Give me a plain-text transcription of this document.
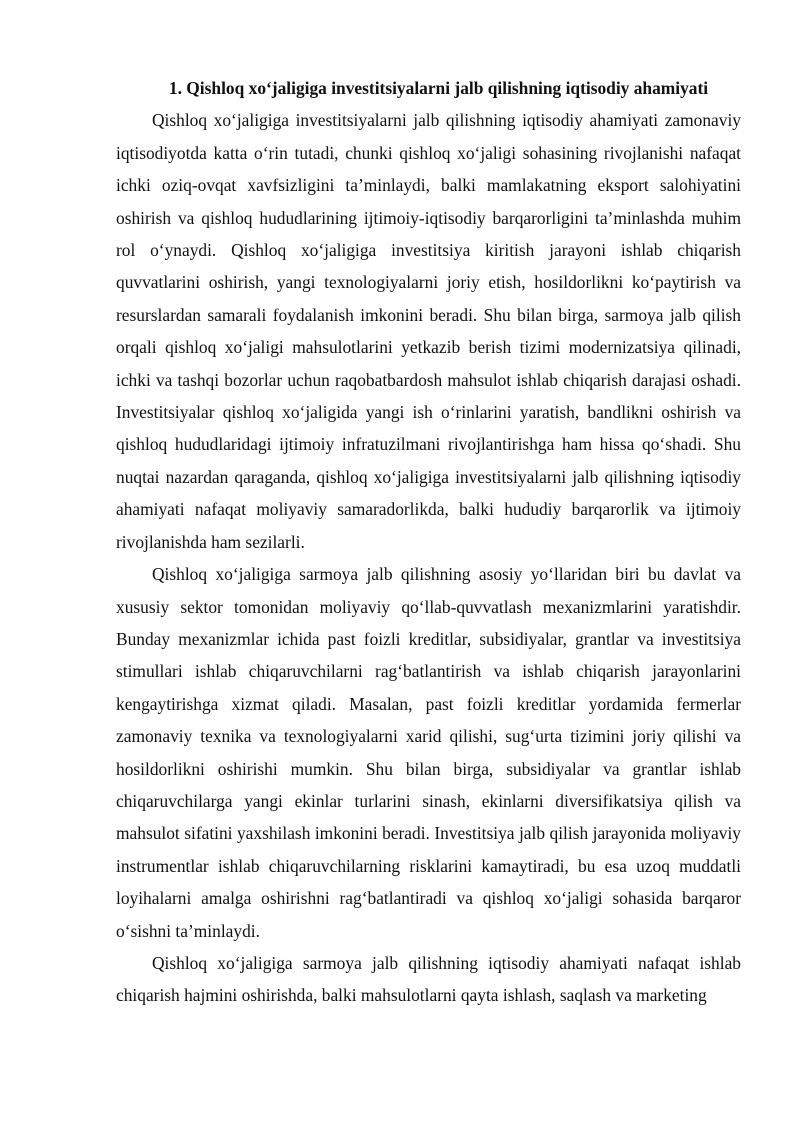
1. Qishloq xo‘jaligiga investitsiyalarni jalb qilishning iqtisodiy ahamiyati

Qishloq xo‘jaligiga investitsiyalarni jalb qilishning iqtisodiy ahamiyati zamonaviy iqtisodiyotda katta o‘rin tutadi, chunki qishloq xo‘jaligi sohasining rivojlanishi nafaqat ichki oziq-ovqat xavfsizligini ta’minlaydi, balki mamlakatning eksport salohiyatini oshirish va qishloq hududlarining ijtimoiy-iqtisodiy barqarorligini ta’minlashda muhim rol o‘ynaydi. Qishloq xo‘jaligiga investitsiya kiritish jarayoni ishlab chiqarish quvvatlarini oshirish, yangi texnologiyalarni joriy etish, hosildorlikni ko‘paytirish va resurslardan samarali foydalanish imkonini beradi. Shu bilan birga, sarmoya jalb qilish orqali qishloq xo‘jaligi mahsulotlarini yetkazib berish tizimi modernizatsiya qilinadi, ichki va tashqi bozorlar uchun raqobatbardosh mahsulot ishlab chiqarish darajasi oshadi. Investitsiyalar qishloq xo‘jaligida yangi ish o‘rinlarini yaratish, bandlikni oshirish va qishloq hududlaridagi ijtimoiy infratuzilmani rivojlantirishga ham hissa qo‘shadi. Shu nuqtai nazardan qaraganda, qishloq xo‘jaligiga investitsiyalarni jalb qilishning iqtisodiy ahamiyati nafaqat moliyaviy samaradorlikda, balki hududiy barqarorlik va ijtimoiy rivojlanishda ham sezilarli.

Qishloq xo‘jaligiga sarmoya jalb qilishning asosiy yo‘llaridan biri bu davlat va xususiy sektor tomonidan moliyaviy qo‘llab-quvvatlash mexanizmlarini yaratishdir. Bunday mexanizmlar ichida past foizli kreditlar, subsidiyalar, grantlar va investitsiya stimullari ishlab chiqaruvchilarni rag‘batlantirish va ishlab chiqarish jarayonlarini kengaytirishga xizmat qiladi. Masalan, past foizli kreditlar yordamida fermerlar zamonaviy texnika va texnologiyalarni xarid qilishi, sug‘urta tizimini joriy qilishi va hosildorlikni oshirishi mumkin. Shu bilan birga, subsidiyalar va grantlar ishlab chiqaruvchilarga yangi ekinlar turlarini sinash, ekinlarni diversifikatsiya qilish va mahsulot sifatini yaxshilash imkonini beradi. Investitsiya jalb qilish jarayonida moliyaviy instrumentlar ishlab chiqaruvchilarning risklarini kamaytiradi, bu esa uzoq muddatli loyihalarni amalga oshirishni rag‘batlantiradi va qishloq xo‘jaligi sohasida barqaror o‘sishni ta’minlaydi.

Qishloq xo‘jaligiga sarmoya jalb qilishning iqtisodiy ahamiyati nafaqat ishlab chiqarish hajmini oshirishda, balki mahsulotlarni qayta ishlash, saqlash va marketing
